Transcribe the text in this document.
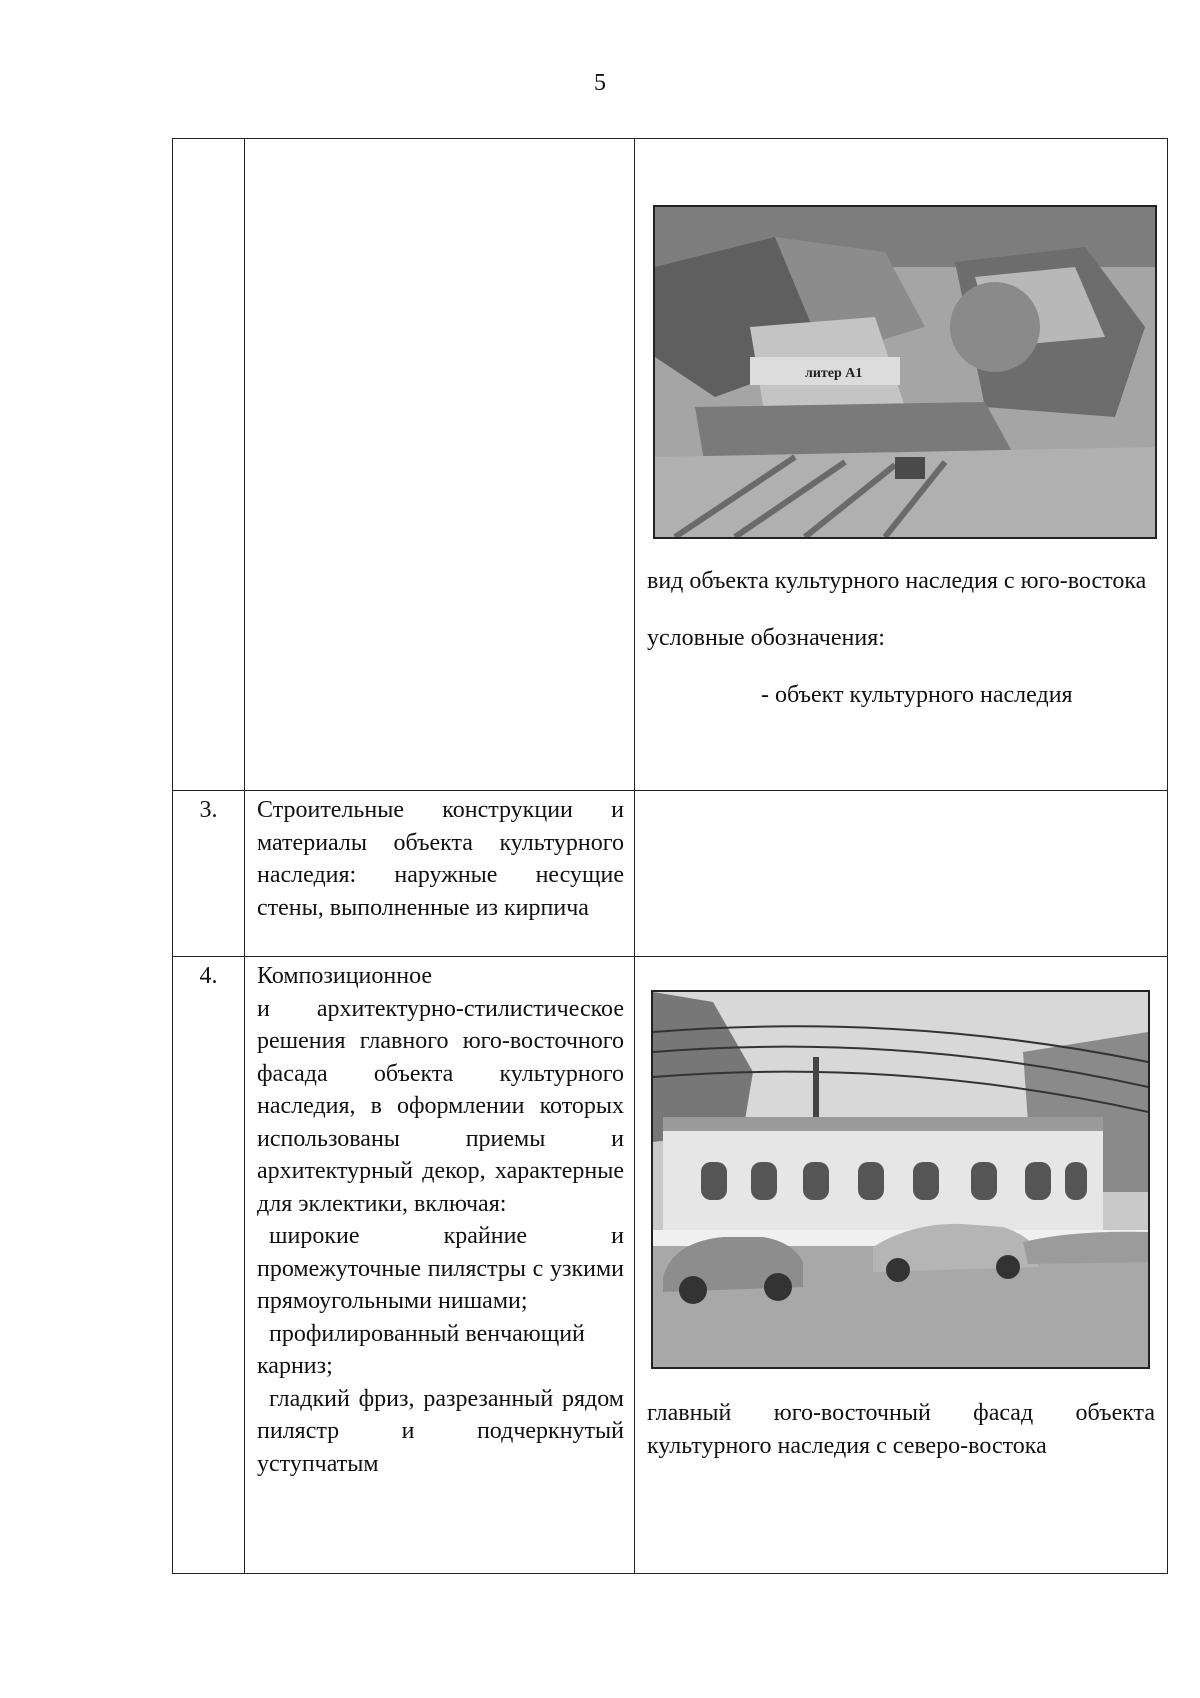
5

литер А1

вид объекта культурного наследия с юго-востока

условные обозначения:

- объект культурного наследия

3.	Строительные конструкции и материалы объекта культурного наследия: наружные несущие стены, выполненные из кирпича	
4.	Композиционное

и архитектурно-стилистическое решения главного юго-восточного фасада объекта культурного наследия, в оформлении которых использованы приемы и архитектурный декор, характерные для эклектики, включая:

широкие крайние и промежуточные пилястры с узкими прямоугольными нишами;

профилированный венчающий карниз;

гладкий фриз, разрезанный рядом пилястр и подчеркнутый уступчатым	главный юго-восточный фасад объекта культурного наследия с северо-востока
